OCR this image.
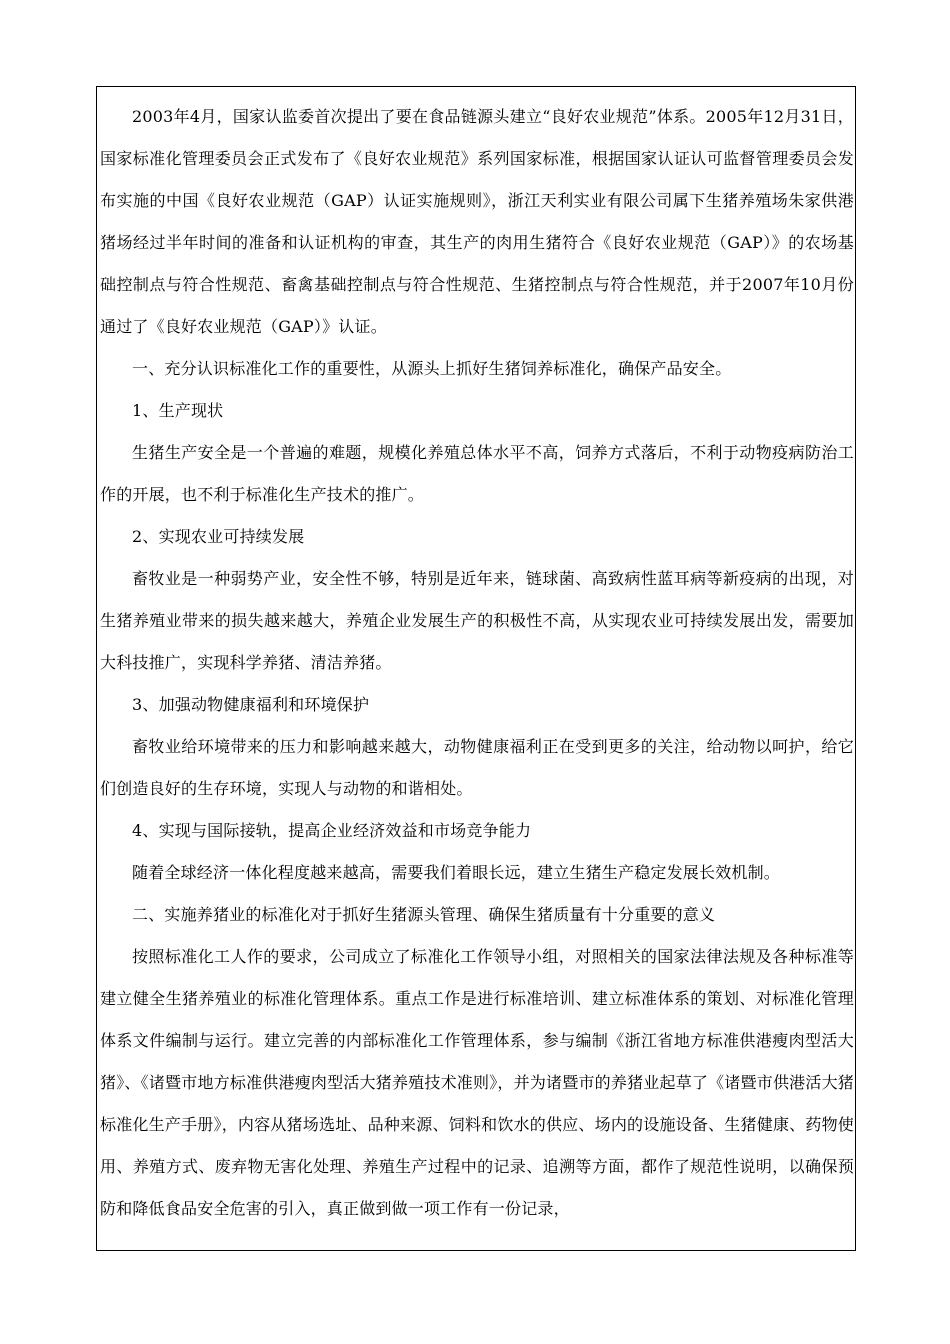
2003年4月，国家认监委首次提出了要在食品链源头建立“良好农业规范”体系。2005年12月31日，国家标准化管理委员会正式发布了《良好农业规范》系列国家标准，根据国家认证认可监督管理委员会发布实施的中国《良好农业规范（GAP）认证实施规则》，浙江天利实业有限公司属下生猪养殖场朱家供港猪场经过半年时间的准备和认证机构的审查，其生产的肉用生猪符合《良好农业规范（GAP）》的农场基础控制点与符合性规范、畜禽基础控制点与符合性规范、生猪控制点与符合性规范，并于2007年10月份通过了《良好农业规范（GAP）》认证。

一、充分认识标准化工作的重要性，从源头上抓好生猪饲养标准化，确保产品安全。

1、生产现状

生猪生产安全是一个普遍的难题，规模化养殖总体水平不高，饲养方式落后，不利于动物疫病防治工作的开展，也不利于标准化生产技术的推广。

2、实现农业可持续发展

畜牧业是一种弱势产业，安全性不够，特别是近年来，链球菌、高致病性蓝耳病等新疫病的出现，对生猪养殖业带来的损失越来越大，养殖企业发展生产的积极性不高，从实现农业可持续发展出发，需要加大科技推广，实现科学养猪、清洁养猪。

3、加强动物健康福利和环境保护

畜牧业给环境带来的压力和影响越来越大，动物健康福利正在受到更多的关注，给动物以呵护，给它们创造良好的生存环境，实现人与动物的和谐相处。

4、实现与国际接轨，提高企业经济效益和市场竞争能力

随着全球经济一体化程度越来越高，需要我们着眼长远，建立生猪生产稳定发展长效机制。

二、实施养猪业的标准化对于抓好生猪源头管理、确保生猪质量有十分重要的意义

按照标准化工人作的要求，公司成立了标准化工作领导小组，对照相关的国家法律法规及各种标准等建立健全生猪养殖业的标准化管理体系。重点工作是进行标准培训、建立标准体系的策划、对标准化管理体系文件编制与运行。建立完善的内部标准化工作管理体系，参与编制《浙江省地方标准供港瘦肉型活大猪》、《诸暨市地方标准供港瘦肉型活大猪养殖技术准则》，并为诸暨市的养猪业起草了《诸暨市供港活大猪标准化生产手册》，内容从猪场选址、品种来源、饲料和饮水的供应、场内的设施设备、生猪健康、药物使用、养殖方式、废弃物无害化处理、养殖生产过程中的记录、追溯等方面，都作了规范性说明，以确保预防和降低食品安全危害的引入，真正做到做一项工作有一份记录，
